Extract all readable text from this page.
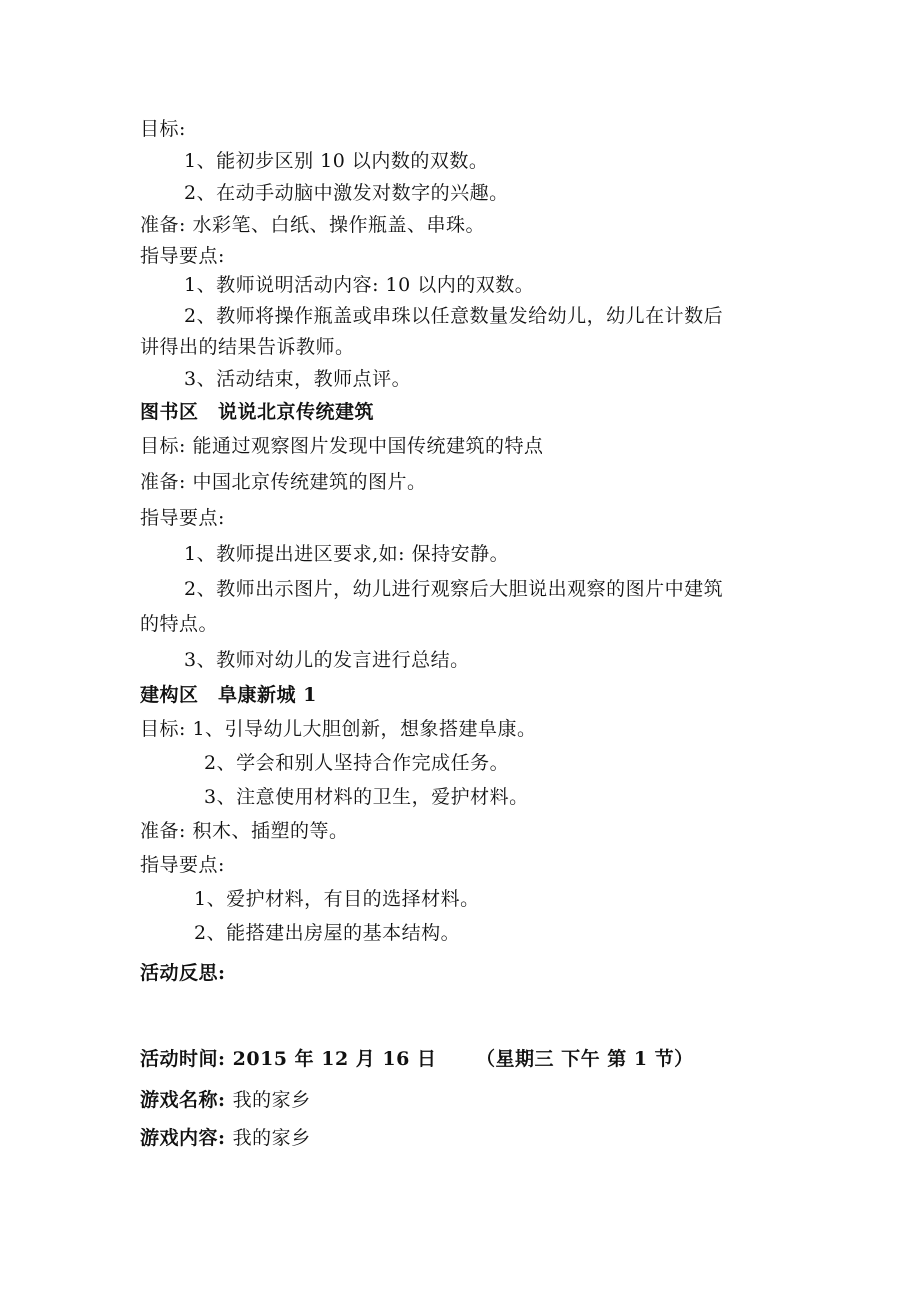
目标:
1、能初步区别 10 以内数的双数。
2、在动手动脑中激发对数字的兴趣。
准备: 水彩笔、白纸、操作瓶盖、串珠。
指导要点:
1、教师说明活动内容: 10 以内的双数。
2、教师将操作瓶盖或串珠以任意数量发给幼儿，幼儿在计数后
讲得出的结果告诉教师。
3、活动结束，教师点评。
图书区　说说北京传统建筑
目标: 能通过观察图片发现中国传统建筑的特点
准备: 中国北京传统建筑的图片。
指导要点:
1、教师提出进区要求,如: 保持安静。
2、教师出示图片，幼儿进行观察后大胆说出观察的图片中建筑
的特点。
3、教师对幼儿的发言进行总结。
建构区　阜康新城 1
目标: 1、引导幼儿大胆创新，想象搭建阜康。
2、学会和别人坚持合作完成任务。
3、注意使用材料的卫生，爱护材料。
准备: 积木、插塑的等。
指导要点:
1、爱护材料，有目的选择材料。
2、能搭建出房屋的基本结构。
活动反思:
活动时间: 2015 年 12 月 16 日 （星期三 下午 第 1 节）
游戏名称: 我的家乡
游戏内容: 我的家乡
